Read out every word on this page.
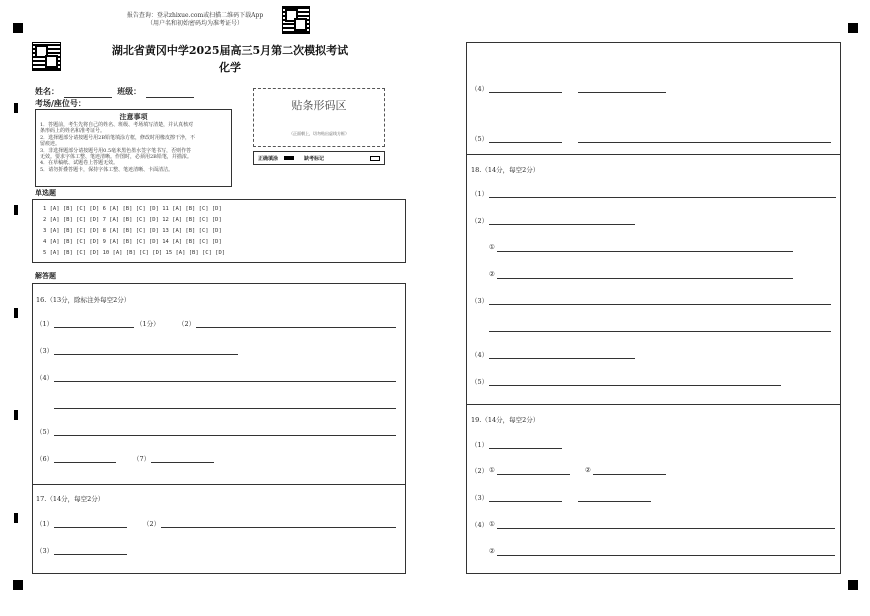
报告查询：登录zhixue.com或扫描二维码下载App
（用户名和初始密码均为准考证号）
湖北省黄冈中学2025届高三5月第二次模拟考试
化学
姓名：	班级：
考场/座位号：
注意事项
1．答题前，考生先将自己的姓名、班级、考场填写清楚，并认真核对
条形码上的姓名和准考证号。
2．选择题部分请按题号用2B铅笔填涂方框，修改时用橡皮擦干净，不
留痕迹。
3．非选择题部分请按题号用0.5毫米黑色墨水签字笔书写，否则作答
无效。要求字体工整、笔迹清晰。作图时，必须用2B铅笔，并描浓。
4．在草稿纸、试题卷上答题无效。
5．请勿折叠答题卡，保持字体工整、笔迹清晰、卡面清洁。
贴条形码区
（正面朝上，切勿贴出虚线方框）
正确填涂	缺考标记
单选题
1 [A] [B] [C] [D] 6 [A] [B] [C] [D] 11 [A] [B] [C] [D]
2 [A] [B] [C] [D] 7 [A] [B] [C] [D] 12 [A] [B] [C] [D]
3 [A] [B] [C] [D] 8 [A] [B] [C] [D] 13 [A] [B] [C] [D]
4 [A] [B] [C] [D] 9 [A] [B] [C] [D] 14 [A] [B] [C] [D]
5 [A] [B] [C] [D] 10 [A] [B] [C] [D] 15 [A] [B] [C] [D]
解答题
16.（13分，除标注外每空2分）
（1）	（1分）	（2）
（3）
（4）
（5）
（6）	（7）
17.（14分，每空2分）
（1）	（2）
（3）
（4）
（5）
18.（14分，每空2分）
（1）
（2）
①
②
（3）
（4）
（5）
19.（14分，每空2分）
（1）
（2） ①	②
（3）
（4） ①
②
